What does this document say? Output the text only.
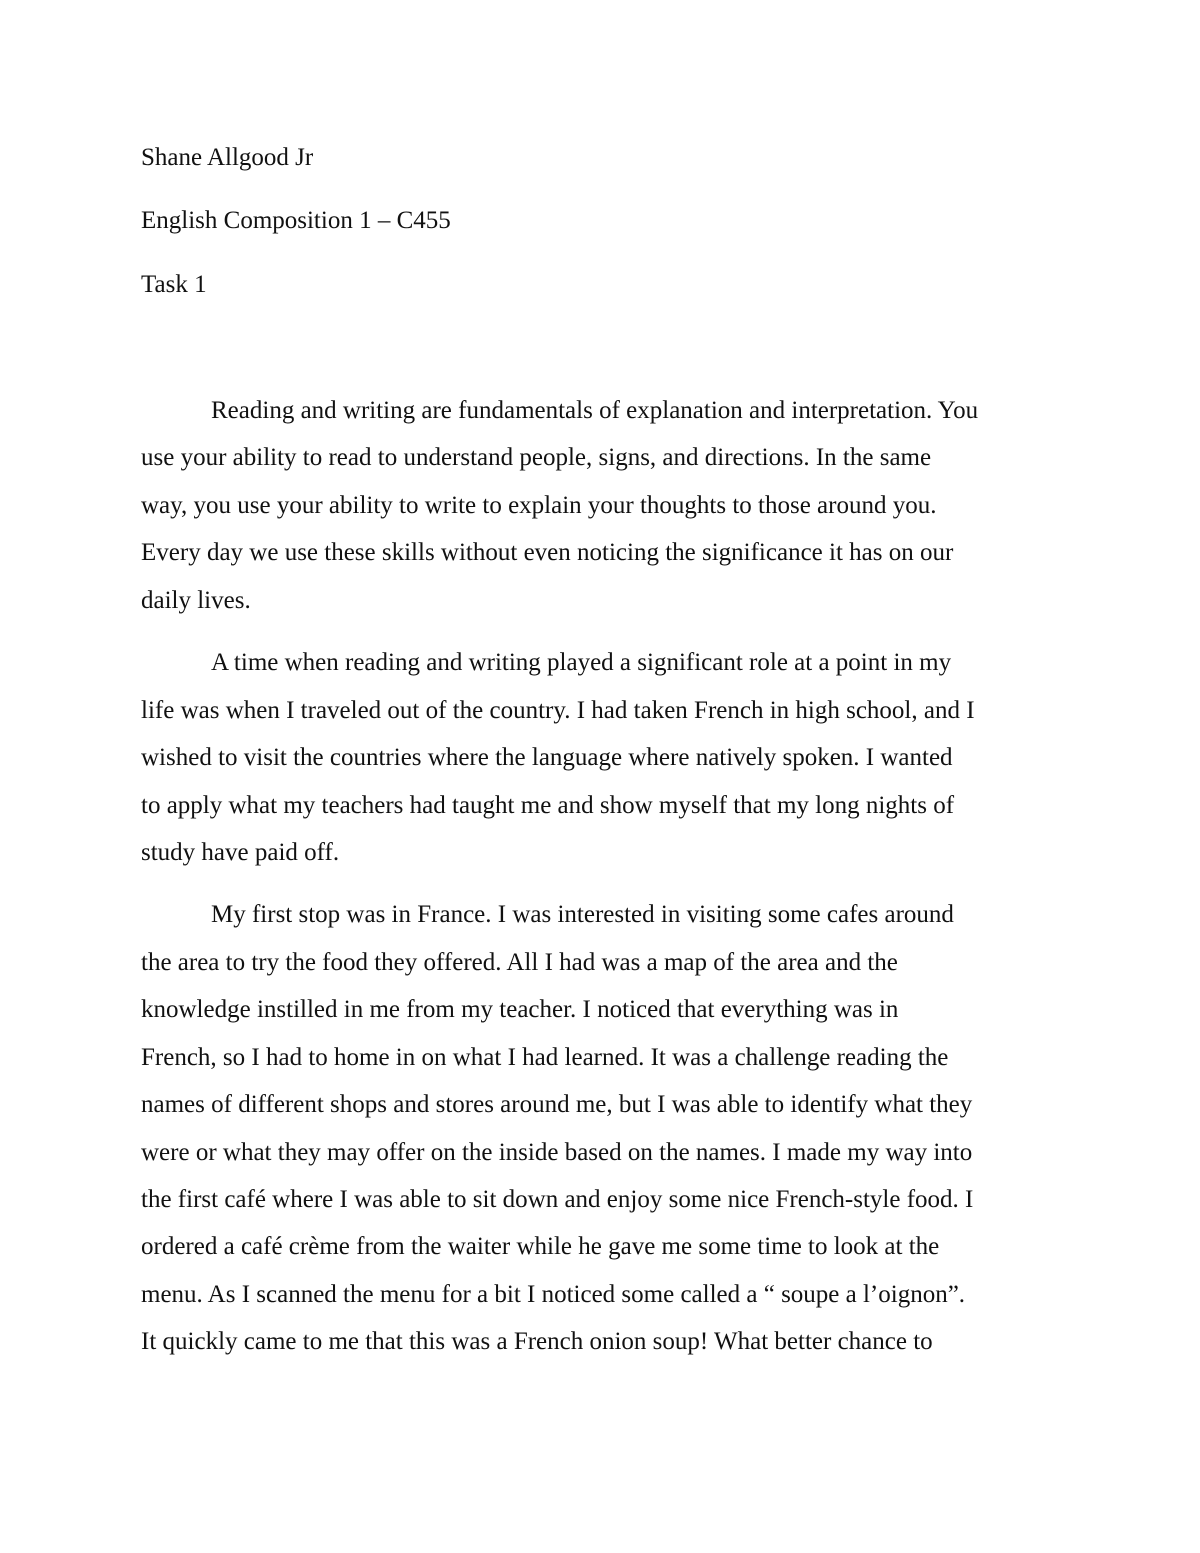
Shane Allgood Jr
English Composition 1 – C455
Task 1
Reading and writing are fundamentals of explanation and interpretation. You
use your ability to read to understand people, signs, and directions. In the same
way, you use your ability to write to explain your thoughts to those around you.
Every day we use these skills without even noticing the significance it has on our
daily lives.
A time when reading and writing played a significant role at a point in my
life was when I traveled out of the country. I had taken French in high school, and I
wished to visit the countries where the language where natively spoken. I wanted
to apply what my teachers had taught me and show myself that my long nights of
study have paid off.
My first stop was in France. I was interested in visiting some cafes around
the area to try the food they offered. All I had was a map of the area and the
knowledge instilled in me from my teacher. I noticed that everything was in
French, so I had to home in on what I had learned. It was a challenge reading the
names of different shops and stores around me, but I was able to identify what they
were or what they may offer on the inside based on the names. I made my way into
the first café where I was able to sit down and enjoy some nice French-style food. I
ordered a café crème from the waiter while he gave me some time to look at the
menu. As I scanned the menu for a bit I noticed some called a “ soupe a l’oignon”.
It quickly came to me that this was a French onion soup! What better chance to
